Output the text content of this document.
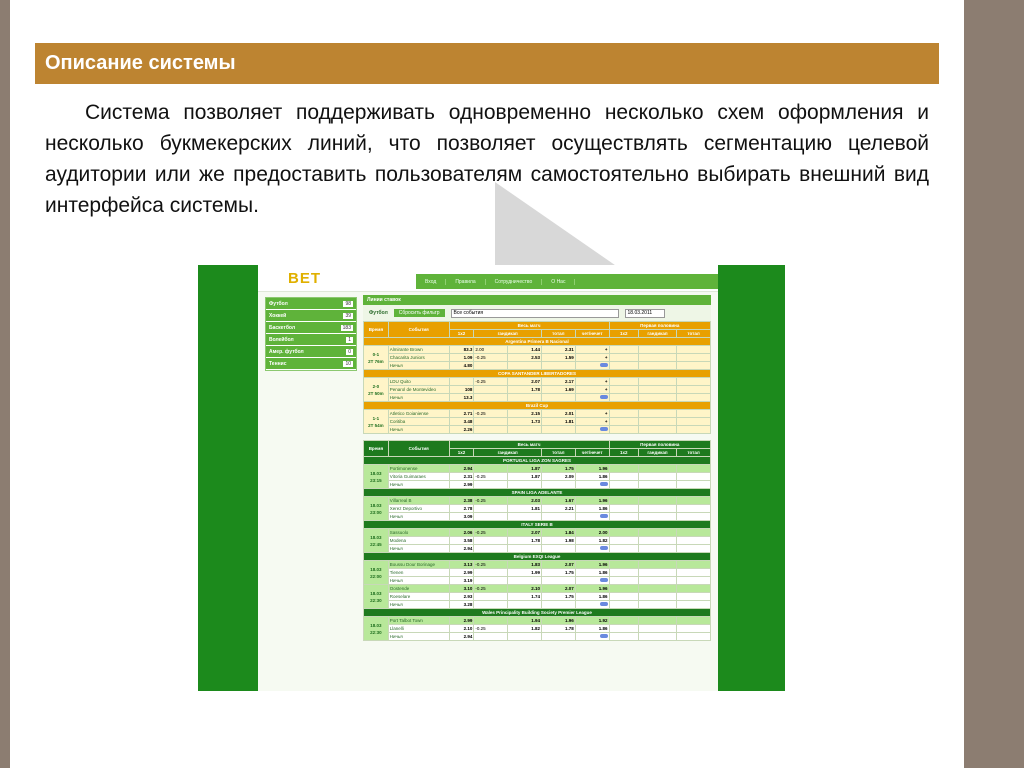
Описание системы

Система позволяет поддерживать одновременно несколько схем оформления и несколько букмекерских линий, что позволяет осуществлять сегментацию целевой аудитории или же предоставить пользователям самостоятельно выбирать внешний вид интерфейса системы.

BET	Вход	Правила	Сотрудничество	О Нас
Футбол	98
Хоккей	39
Баскетбол	183
Волейбол	1
Амер. футбол	0
Теннис	10
Линии ставок
Футбол	Сбросить фильтр	Все события	18.03.2011
Время	События	Весь матч					Первая половина		
		1x2	гандикап		тотал	чет/нечет	1x2	гандикап	тотал
Argentina Primera B Nacional									

0-1
2Т 76m	Almirante Brown	83.3	2.00	1.44	2.31	+			
	Chacarita Juniors	1.09	-0.25	2.53	1.59	+			
	Ничья	4.80							
COPA SANTANDER LIBERTADORES									

2-0
2Т 50m	LDU Quito		-0.25	2.07	2.17	+			
	Penarol de Montevideo	108		1.78	1.69	+			
	Ничья	13.3							
Brazil Cup									

1-1
2Т 54m	Atletico Goianiense	2.71	-0.25	2.15	2.01	+			
	Coritiba	3.48		1.73	1.81	+			
	Ничья	2.26							
Время	События	Весь матч					Первая половина		
		1x2	гандикап		тотал	чет/нечет	1x2	гандикап	тотал
PORTUGAL LIGA ZON SAGRES									

18.03
23:15	Portimonense	2.94		1.87	1.75	1.96			
	Vitoria Guimaraes	2.31	-0.25	1.87	2.09	1.86			
	Ничья	2.99							
SPAIN LIGA ADELANTE									

18.03
23:00	Villarreal B	2.38	-0.25	2.03	1.67	1.96			
	Xerez Deportivo	2.78		1.81	2.21	1.86			
	Ничья	3.09							
ITALY SERIE B									

18.03
22:45	Sassuolo	2.06	-0.25	2.07	1.84	2.00			
	Modena	3.58		1.78	1.98	1.82			
	Ничья	2.94							
Belgium EXQI League									

18.03
22:00	Boussu Dour Borinage	3.13	-0.25	1.83	2.07	1.96			
	Tienen	2.99		1.99	1.75	1.86			
	Ничья	3.19							

18.03
22:30	Oostende	3.10	-0.25	2.10	2.07	1.96			
	Roeselare	2.93		1.74	1.75	1.86			
	Ничья	3.28							
Wales Principality Building Society Premier League									

18.03
22:30	Port Talbot Town	2.99		1.94	1.96	1.92			
	Llanelli	2.10	-0.25	1.82	1.78	1.86			
	Ничья	2.94							
